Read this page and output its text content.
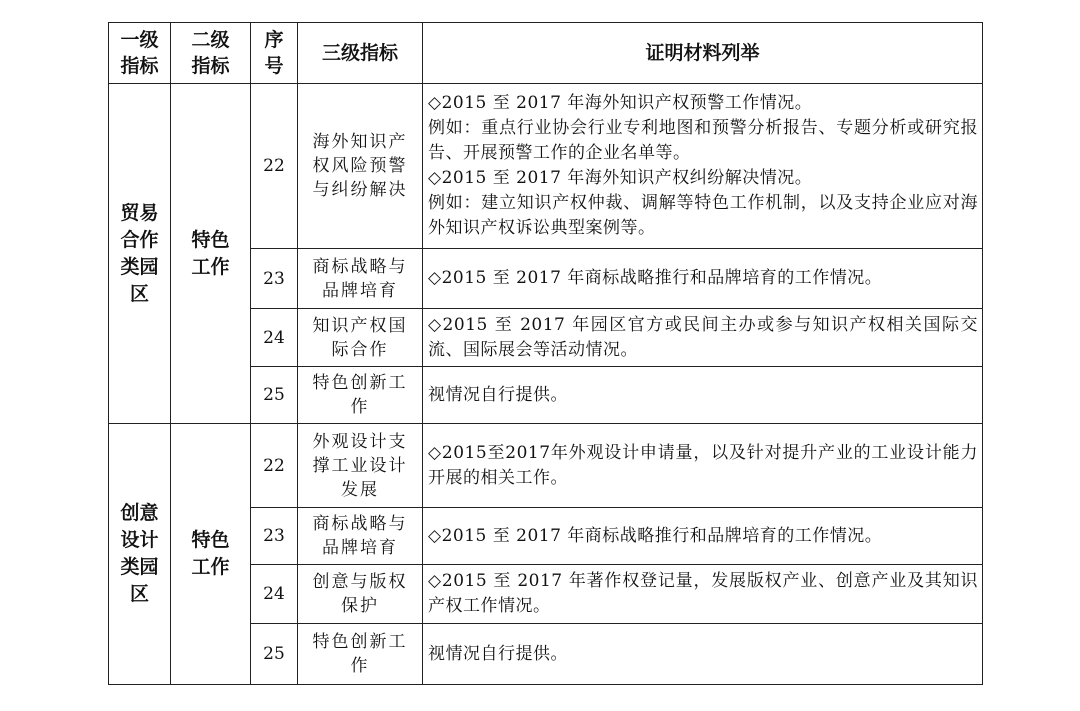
一级指标	二级指标	序号	三级指标	证明材料列举

贸易合作类园区	特色工作	22	海外知识产权风险预警与纠纷解决	◇2015 至 2017 年海外知识产权预警工作情况。
例如：重点行业协会行业专利地图和预警分析报告、专题分析或研究报告、开展预警工作的企业名单等。
◇2015 至 2017 年海外知识产权纠纷解决情况。
例如：建立知识产权仲裁、调解等特色工作机制，以及支持企业应对海外知识产权诉讼典型案例等。

		23	商标战略与品牌培育	◇2015 至 2017 年商标战略推行和品牌培育的工作情况。

		24	知识产权国际合作	◇2015 至 2017 年园区官方或民间主办或参与知识产权相关国际交流、国际展会等活动情况。

		25	特色创新工作	视情况自行提供。

创意设计类园区	特色工作	22	外观设计支撑工业设计发展	◇2015至2017年外观设计申请量，以及针对提升产业的工业设计能力开展的相关工作。

		23	商标战略与品牌培育	◇2015 至 2017 年商标战略推行和品牌培育的工作情况。

		24	创意与版权保护	◇2015 至 2017 年著作权登记量，发展版权产业、创意产业及其知识产权工作情况。

		25	特色创新工作	视情况自行提供。
